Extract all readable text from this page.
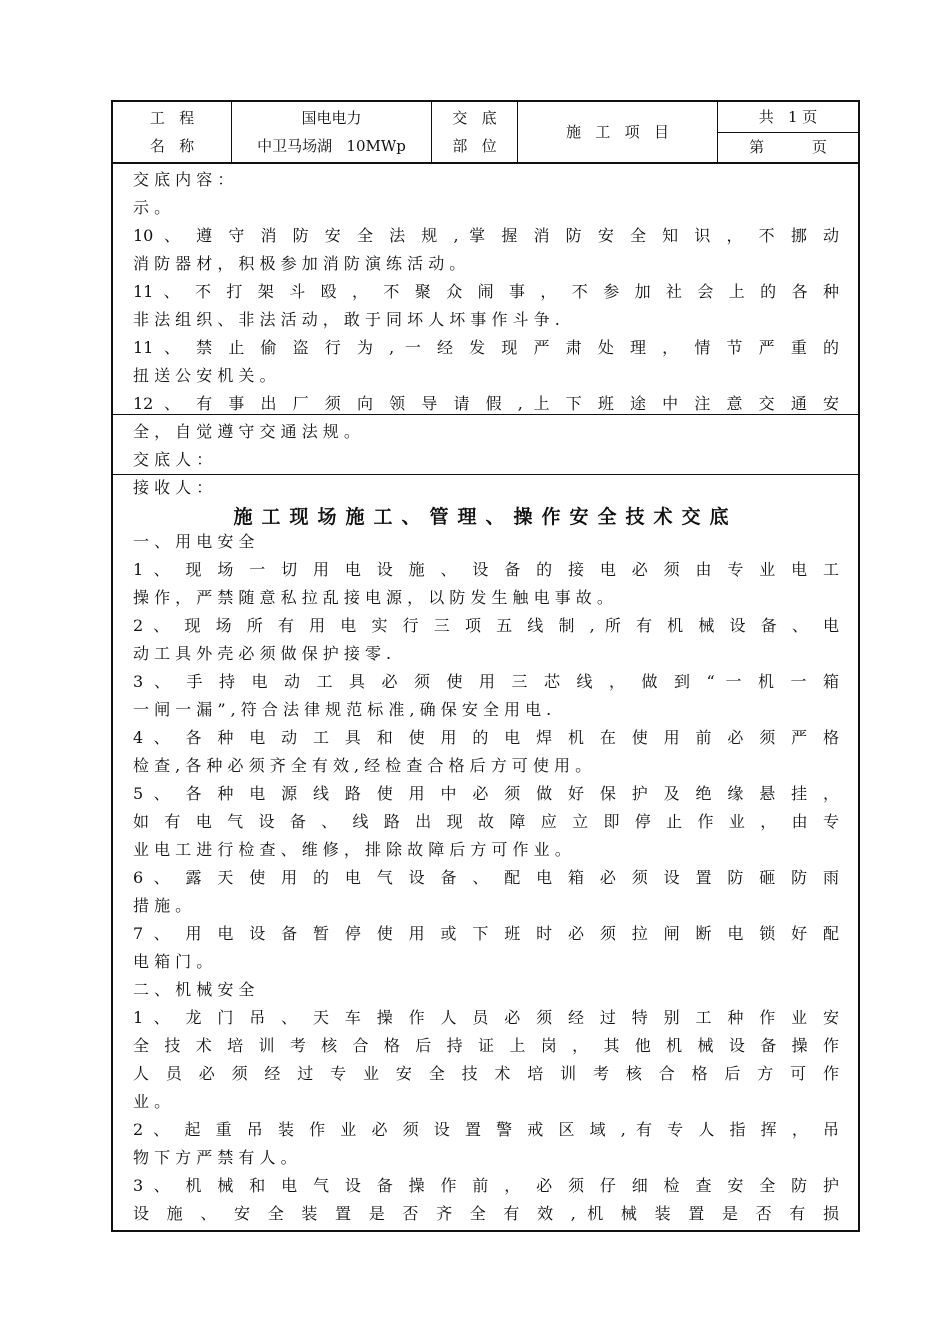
工   程
名   称
国电电力
中卫马场湖   10MWp
交   底
部   位
施   工   项   目
共   1 页
第          页
交 底 内 容 ：
示 。
10 、 遵 守 消 防 安 全 法 规 , 掌 握 消 防 安 全 知 识 ， 不 挪 动
消 防 器 材 ， 积 极 参 加 消 防 演 练 活 动 。
11 、 不 打 架 斗 殴 ， 不 聚 众 闹 事 ， 不 参 加 社 会 上 的 各 种
非 法 组 织 、 非 法 活 动 ， 敢 于 同 坏 人 坏 事 作 斗 争 .
11 、 禁 止 偷 盗 行 为 , 一 经 发 现 严 肃 处 理 ， 情 节 严 重 的
扭 送 公 安 机 关 。
12 、 有 事 出 厂 须 向 领 导 请 假 , 上 下 班 途 中 注 意 交 通 安
全 ， 自 觉 遵 守 交 通 法 规 。
交 底 人 ：
接 收 人 ：
施工现场施工、管理、操作安全技术交底
一 、 用 电 安 全
1 、 现 场 一 切 用 电 设 施 、 设 备 的 接 电 必 须 由 专 业 电 工
操 作 ， 严 禁 随 意 私 拉 乱 接 电 源 ， 以 防 发 生 触 电 事 故 。
2 、 现 场 所 有 用 电 实 行 三 项 五 线 制 , 所 有 机 械 设 备 、 电
动 工 具 外 壳 必 须 做 保 护 接 零 .
3 、 手 持 电 动 工 具 必 须 使 用 三 芯 线 ， 做 到 “ 一 机 一 箱
一 闸 一 漏 ” , 符 合 法 律 规 范 标 准 , 确 保 安 全 用 电 .
4 、 各 种 电 动 工 具 和 使 用 的 电 焊 机 在 使 用 前 必 须 严 格
检 查 , 各 种 必 须 齐 全 有 效 , 经 检 查 合 格 后 方 可 使 用 。
5 、 各 种 电 源 线 路 使 用 中 必 须 做 好 保 护 及 绝 缘 悬 挂 ，
如 有 电 气 设 备 、 线 路 出 现 故 障 应 立 即 停 止 作 业 ， 由 专
业 电 工 进 行 检 查 、 维 修 ， 排 除 故 障 后 方 可 作 业 。
6 、 露 天 使 用 的 电 气 设 备 、 配 电 箱 必 须 设 置 防 砸 防 雨
措 施 。
7 、 用 电 设 备 暂 停 使 用 或 下 班 时 必 须 拉 闸 断 电 锁 好 配
电 箱 门 。
二 、 机 械 安 全
1 、 龙 门 吊 、 天 车 操 作 人 员 必 须 经 过 特 别 工 种 作 业 安
全 技 术 培 训 考 核 合 格 后 持 证 上 岗 ， 其 他 机 械 设 备 操 作
人 员 必 须 经 过 专 业 安 全 技 术 培 训 考 核 合 格 后 方 可 作
业 。
2 、 起 重 吊 装 作 业 必 须 设 置 警 戒 区 域 , 有 专 人 指 挥 ， 吊
物 下 方 严 禁 有 人 。
3 、 机 械 和 电 气 设 备 操 作 前 ， 必 须 仔 细 检 查 安 全 防 护
设 施 、 安 全 装 置 是 否 齐 全 有 效 , 机 械 装 置 是 否 有 损
